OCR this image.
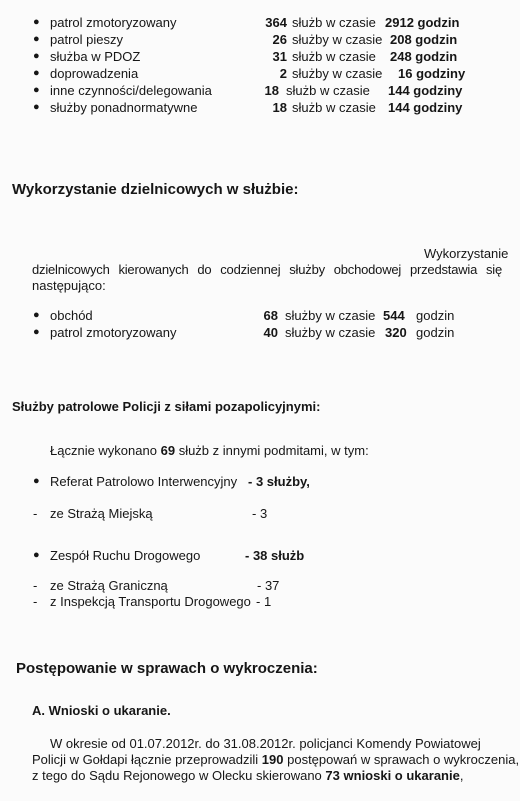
● patrol zmotoryzowany	364 służb w czasie 2912 godzin
● patrol pieszy	26 służby w czasie 208 godzin
● służba w PDOZ	31 służb w czasie 248 godzin
● doprowadzenia	2 służby w czasie 16 godziny
● inne czynności/delegowania	18 służb w czasie 144 godziny
● służby ponadnormatywne	18 służb w czasie 144 godziny
Wykorzystanie dzielnicowych w służbie:
Wykorzystanie
dzielnicowych kierowanych do codziennej służby obchodowej przedstawia się
następująco:
● obchód	68 służby w czasie 544 godzin
● patrol zmotoryzowany	40 służby w czasie 320 godzin
Służby patrolowe Policji z siłami pozapolicyjnymi:
Łącznie wykonano 69 służb z innymi podmitami, w tym:
● Referat Patrolowo Interwencyjny - 3 służby,
- ze Strażą Miejską	- 3
● Zespół Ruchu Drogowego	- 38 służb
- ze Strażą Graniczną	- 37
- z Inspekcją Transportu Drogowego - 1
Postępowanie w sprawach o wykroczenia:
A. Wnioski o ukaranie.
W okresie od 01.07.2012r. do 31.08.2012r. policjanci Komendy Powiatowej
Policji w Gołdapi łącznie przeprowadzili 190 postępowań w sprawach o wykroczenia,
z tego do Sądu Rejonowego w Olecku skierowano 73 wnioski o ukaranie,
